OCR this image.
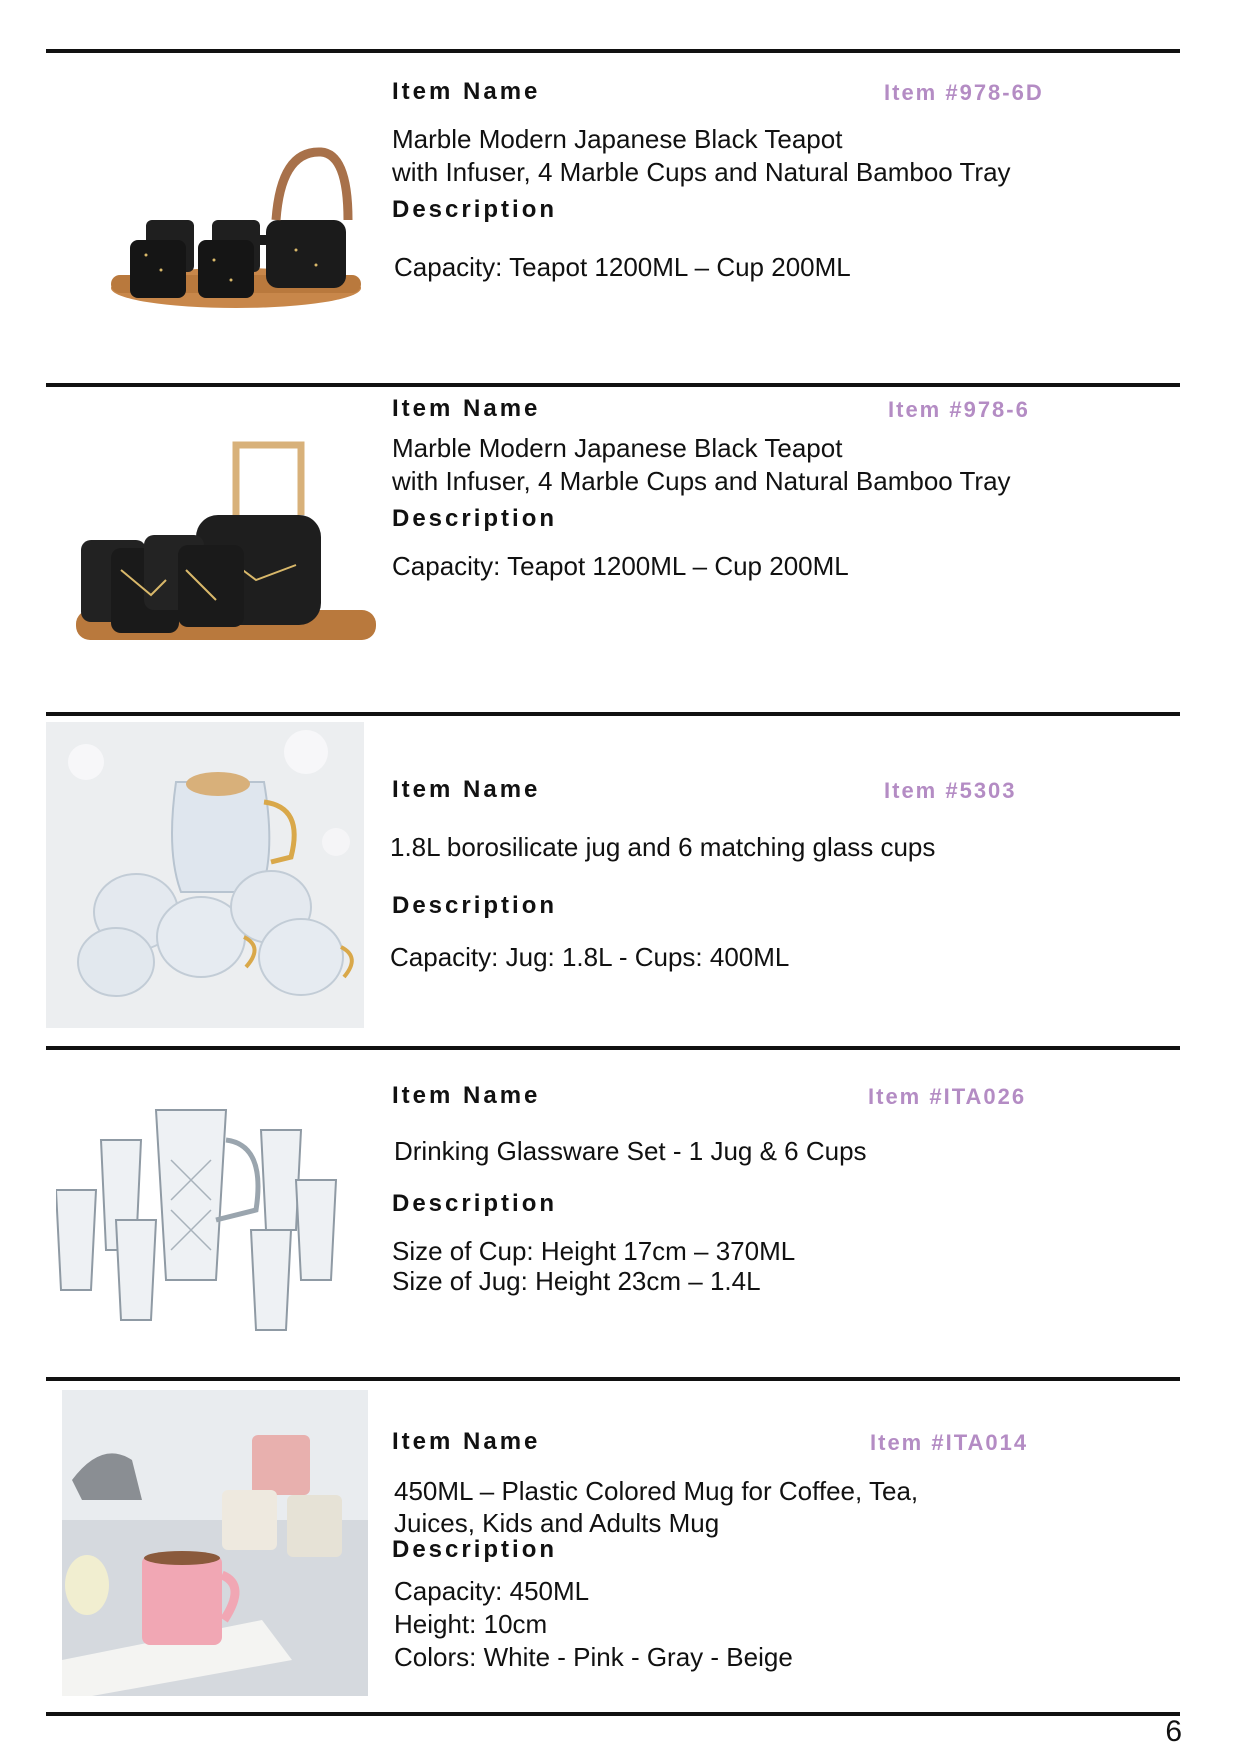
Item Name	Item #978-6D
Marble Modern Japanese Black Teapot
with Infuser, 4 Marble Cups and Natural Bamboo Tray
Description
Capacity: Teapot 1200ML – Cup 200ML
Item Name	Item #978-6
Marble Modern Japanese Black Teapot
with Infuser, 4 Marble Cups and Natural Bamboo Tray
Description
Capacity: Teapot 1200ML – Cup 200ML
Item Name	Item #5303
1.8L borosilicate jug and 6 matching glass cups
Description
Capacity: Jug: 1.8L - Cups: 400ML
Item Name	Item #ITA026
Drinking Glassware Set - 1 Jug & 6 Cups
Description
Size of Cup: Height 17cm – 370ML
Size of Jug: Height 23cm – 1.4L
Item Name	Item #ITA014
450ML – Plastic Colored Mug for Coffee, Tea,
Juices, Kids and Adults Mug
Description
Capacity: 450ML
Height: 10cm
Colors: White - Pink - Gray - Beige
6
